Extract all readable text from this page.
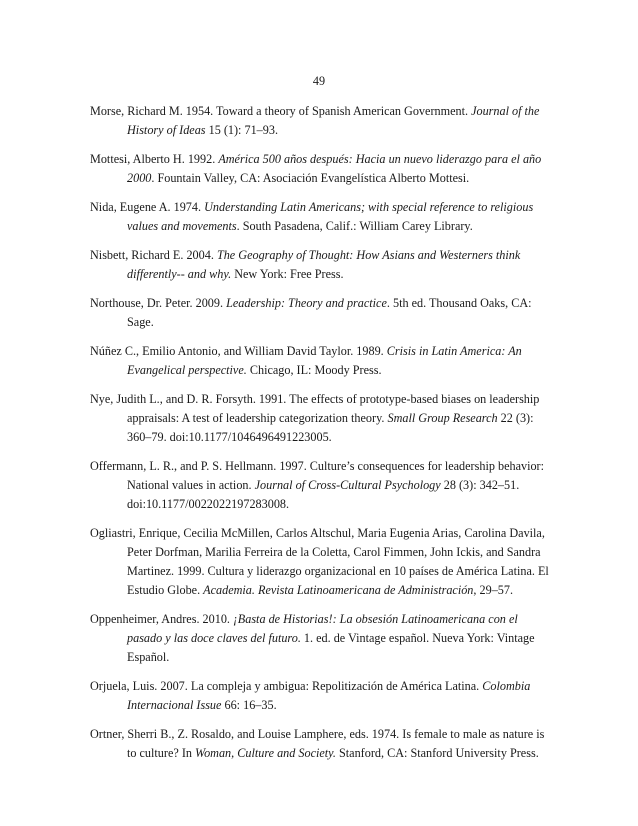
49

Morse, Richard M. 1954. Toward a theory of Spanish American Government. Journal of the History of Ideas 15 (1): 71–93.

Mottesi, Alberto H. 1992. América 500 años después: Hacia un nuevo liderazgo para el año 2000. Fountain Valley, CA: Asociación Evangelística Alberto Mottesi.

Nida, Eugene A. 1974. Understanding Latin Americans; with special reference to religious values and movements. South Pasadena, Calif.: William Carey Library.

Nisbett, Richard E. 2004. The Geography of Thought: How Asians and Westerners think differently-- and why. New York: Free Press.

Northouse, Dr. Peter. 2009. Leadership: Theory and practice. 5th ed. Thousand Oaks, CA: Sage.

Núñez C., Emilio Antonio, and William David Taylor. 1989. Crisis in Latin America: An Evangelical perspective. Chicago, IL: Moody Press.

Nye, Judith L., and D. R. Forsyth. 1991. The effects of prototype-based biases on leadership appraisals: A test of leadership categorization theory. Small Group Research 22 (3): 360–79. doi:10.1177/1046496491223005.

Offermann, L. R., and P. S. Hellmann. 1997. Culture’s consequences for leadership behavior: National values in action. Journal of Cross-Cultural Psychology 28 (3): 342–51. doi:10.1177/0022022197283008.

Ogliastri, Enrique, Cecilia McMillen, Carlos Altschul, Maria Eugenia Arias, Carolina Davila, Peter Dorfman, Marilia Ferreira de la Coletta, Carol Fimmen, John Ickis, and Sandra Martinez. 1999. Cultura y liderazgo organizacional en 10 países de América Latina. El Estudio Globe. Academia. Revista Latinoamericana de Administración, 29–57.

Oppenheimer, Andres. 2010. ¡Basta de Historias!: La obsesión Latinoamericana con el pasado y las doce claves del futuro. 1. ed. de Vintage español. Nueva York: Vintage Español.

Orjuela, Luis. 2007. La compleja y ambigua: Repolitización de América Latina. Colombia Internacional Issue 66: 16–35.

Ortner, Sherri B., Z. Rosaldo, and Louise Lamphere, eds. 1974. Is female to male as nature is to culture? In Woman, Culture and Society. Stanford, CA: Stanford University Press.
